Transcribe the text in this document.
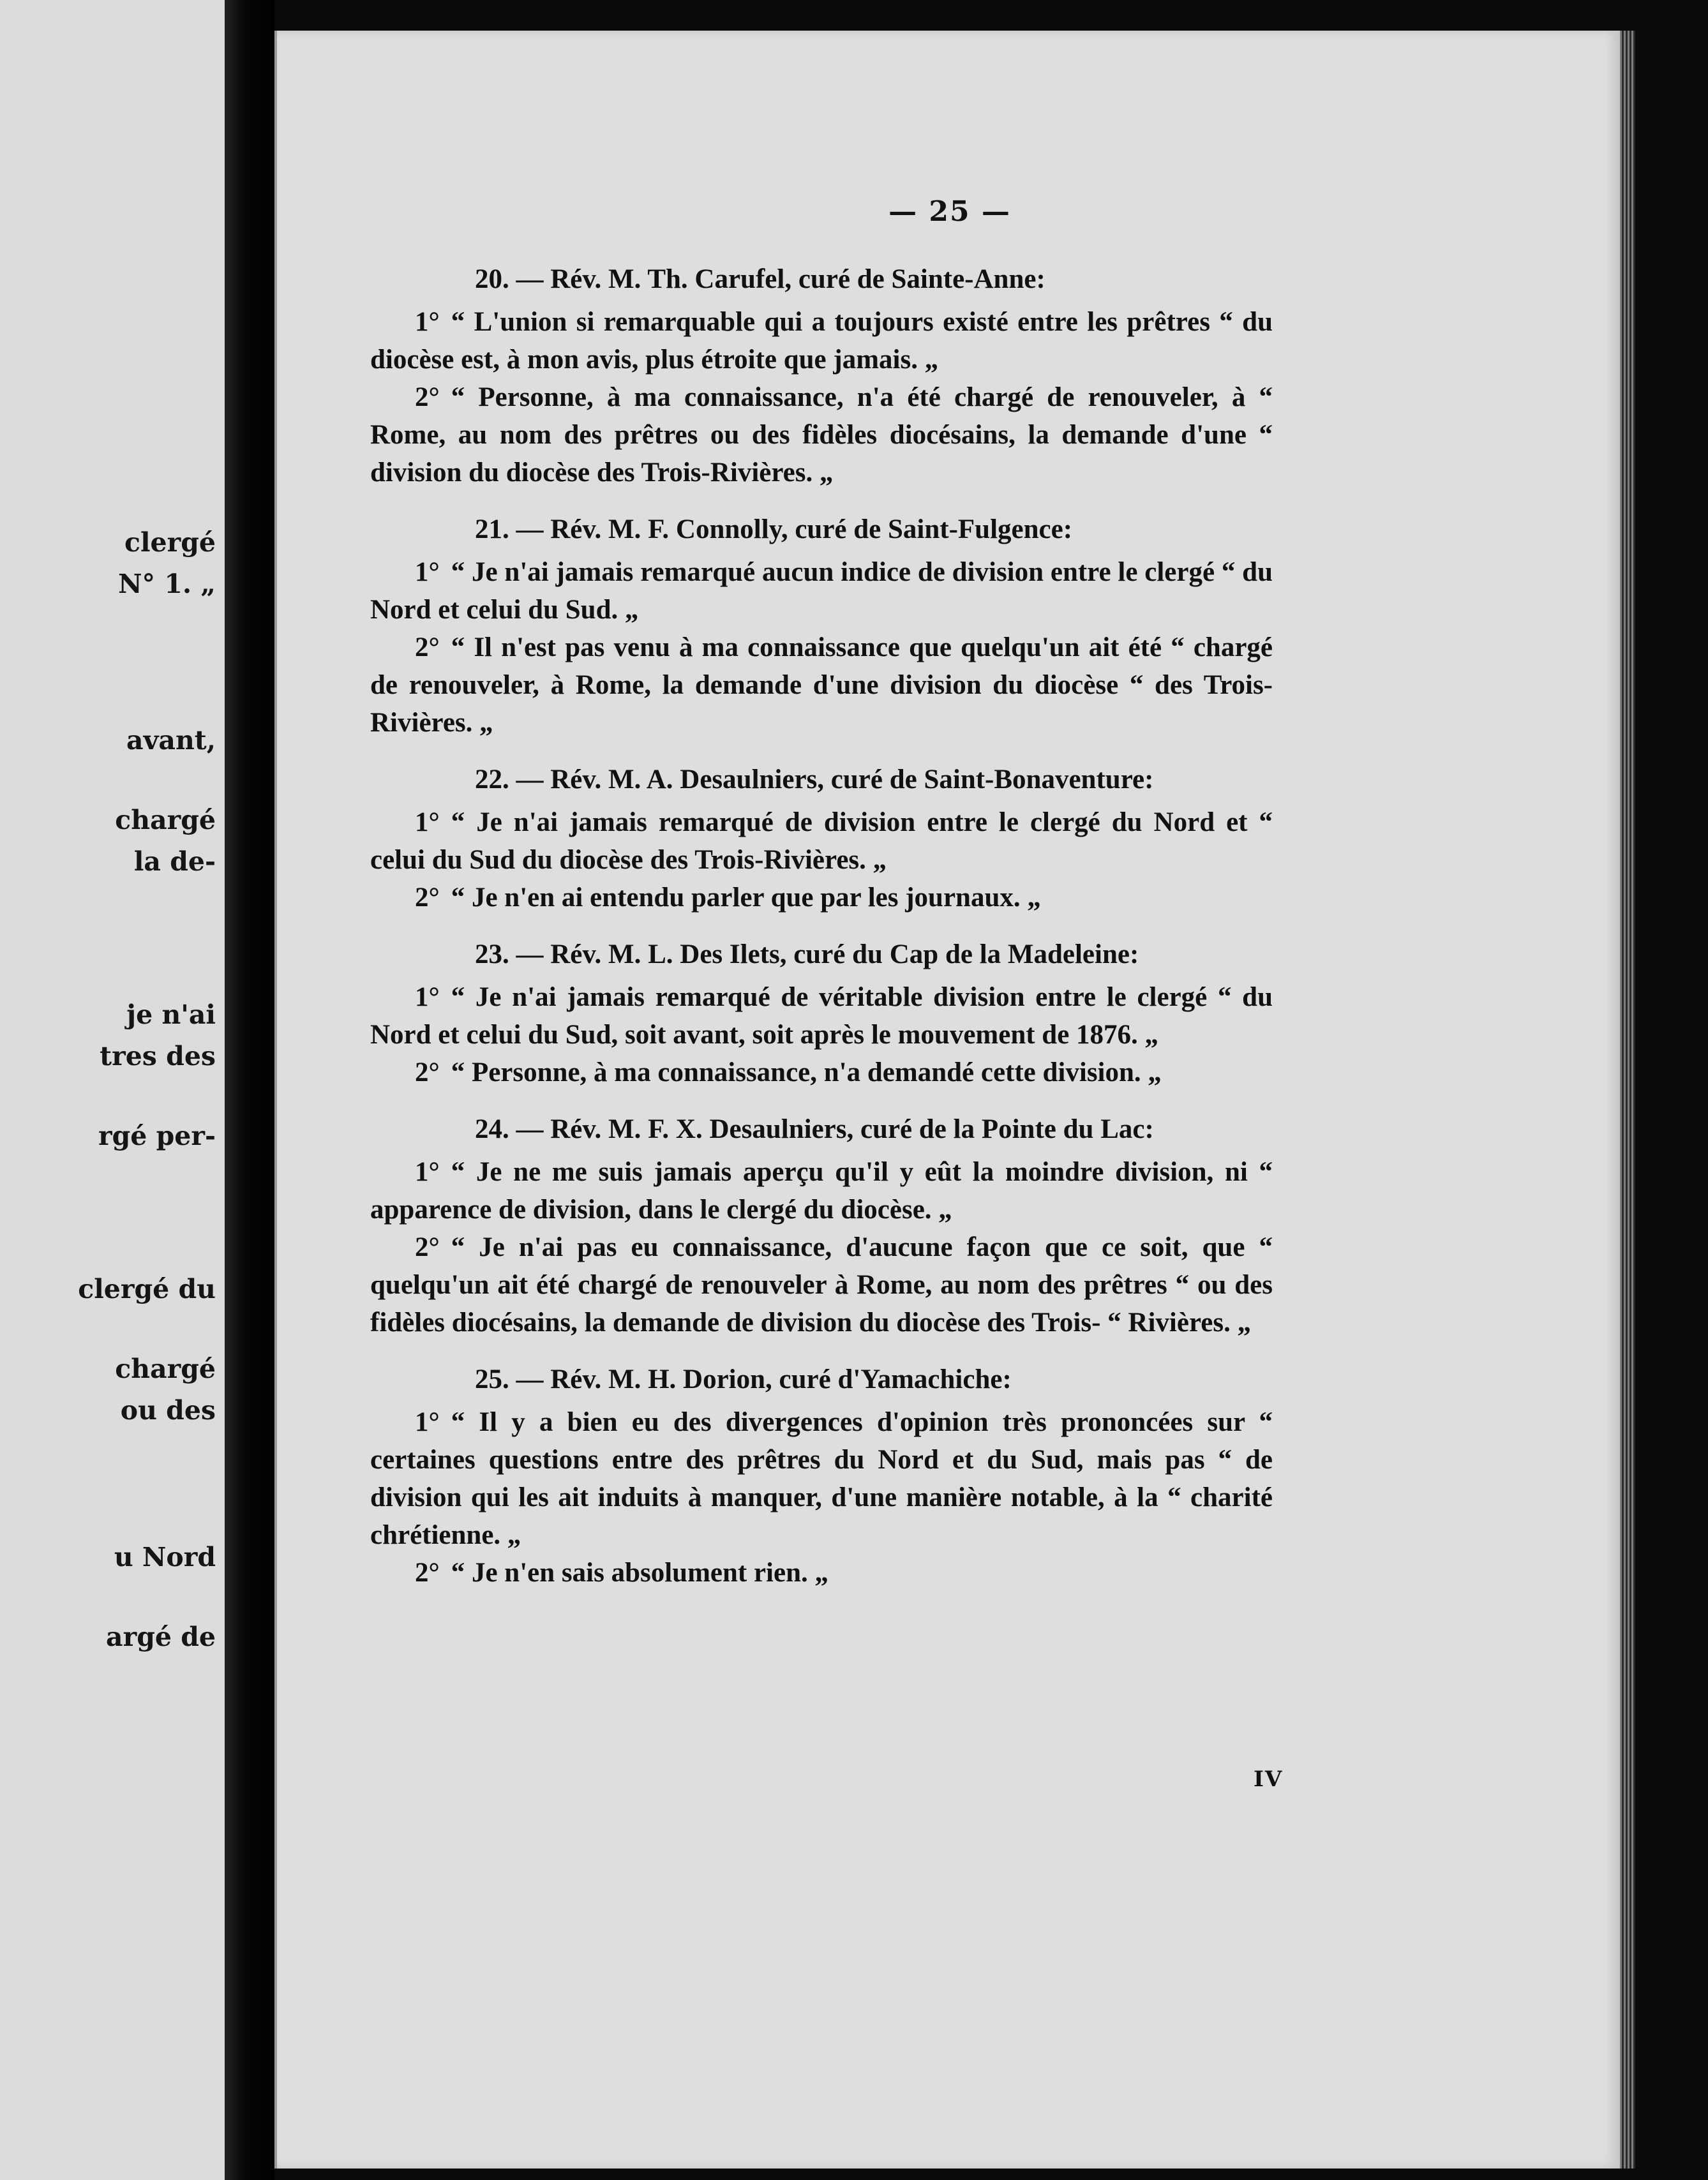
clergé
N° 1. „
avant,
chargé
la de-
je n'ai
tres des
rgé per-
clergé du
chargé
ou des
u Nord
argé de
— 25 —
20. — Rév. M. Th. Carufel, curé de Sainte-Anne:
1° “ L'union si remarquable qui a toujours existé entre les prêtres “ du diocèse est, à mon avis, plus étroite que jamais. „
2° “ Personne, à ma connaissance, n'a été chargé de renouveler, à “ Rome, au nom des prêtres ou des fidèles diocésains, la demande d'une “ division du diocèse des Trois-Rivières. „
21. — Rév. M. F. Connolly, curé de Saint-Fulgence:
1° “ Je n'ai jamais remarqué aucun indice de division entre le clergé “ du Nord et celui du Sud. „
2° “ Il n'est pas venu à ma connaissance que quelqu'un ait été “ chargé de renouveler, à Rome, la demande d'une division du diocèse “ des Trois-Rivières. „
22. — Rév. M. A. Desaulniers, curé de Saint-Bonaventure:
1° “ Je n'ai jamais remarqué de division entre le clergé du Nord et “ celui du Sud du diocèse des Trois-Rivières. „
2° “ Je n'en ai entendu parler que par les journaux. „
23. — Rév. M. L. Des Ilets, curé du Cap de la Madeleine:
1° “ Je n'ai jamais remarqué de véritable division entre le clergé “ du Nord et celui du Sud, soit avant, soit après le mouvement de 1876. „
2° “ Personne, à ma connaissance, n'a demandé cette division. „
24. — Rév. M. F. X. Desaulniers, curé de la Pointe du Lac:
1° “ Je ne me suis jamais aperçu qu'il y eût la moindre division, ni “ apparence de division, dans le clergé du diocèse. „
2° “ Je n'ai pas eu connaissance, d'aucune façon que ce soit, que “ quelqu'un ait été chargé de renouveler à Rome, au nom des prêtres “ ou des fidèles diocésains, la demande de division du diocèse des Trois- “ Rivières. „
25. — Rév. M. H. Dorion, curé d'Yamachiche:
1° “ Il y a bien eu des divergences d'opinion très prononcées sur “ certaines questions entre des prêtres du Nord et du Sud, mais pas “ de division qui les ait induits à manquer, d'une manière notable, à la “ charité chrétienne. „
2° “ Je n'en sais absolument rien. „
IV
